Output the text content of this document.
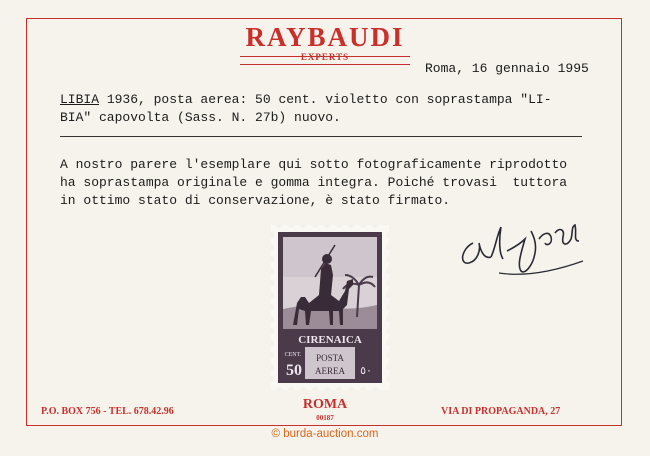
RAYBAUDI
EXPERTS
Roma, 16 gennaio 1995
LIBIA 1936, posta aerea: 50 cent. violetto con soprastampa "LI-
BIA" capovolta (Sass. N. 27b) nuovo.
A nostro parere l'esemplare qui sotto fotograficamente riprodotto
ha soprastampa originale e gomma integra. Poiché trovasi  tuttora
in ottimo stato di conservazione, è stato firmato.
CIRENAICA
CENT.
50
POSTA
AEREA ٥٠
P.O. BOX 756 - TEL. 678.42.96	ROMA
00187
VIA DI PROPAGANDA, 27
© burda-auction.com
